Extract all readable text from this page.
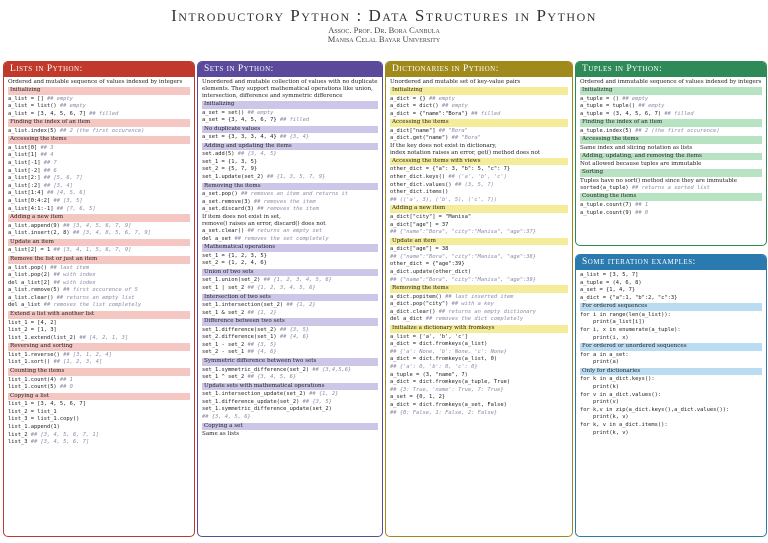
Introductory Python : Data Structures in Python
Assoc. Prof. Dr. Bora Canbula
Manisa Celal Bayar University
Lists in Python:

Ordered and mutable sequence of values indexed by integers

Initializing
a_list = [] ## empty
a_list = list() ## empty
a_list = [3, 4, 5, 6, 7] ## filled
Finding the index of an item
a_list.index(5) ## 2 (the first occurence)
Accessing the items
a_list[0] ## 3
a_list[1] ## 4
a_list[-1] ## 7
a_list[-2] ## 6
a_list[2:] ## [5, 6, 7]
a_list[:2] ## [3, 4]
a_list[1:4] ## [4, 5, 6]
a_list[0:4:2] ## [3, 5]
a_list[4:1:-1] ## [7, 6, 5]
Adding a new item
a_list.append(9) ## [3, 4, 5, 6, 7, 9]
a_list.insert(2, 8) ## [3, 4, 8, 5, 6, 7, 9]
Update an item
a_list[2] = 1 ## [3, 4, 1, 5, 6, 7, 9]
Remove the list or just an item
a_list.pop() ## last item
a_list.pop(2) ## with index
del a_list[2] ## with index
a_list.remove(5) ## first occurence of 5
a_list.clear() ## returns an empty list
del a_list ## removes the list completely
Extend a list with another list
list_1 = [4, 2]
list_2 = [1, 3]
list_1.extend(list_2) ## [4, 2, 1, 3]
Reversing and sorting
list_1.reverse() ## [3, 1, 2, 4]
list_1.sort() ## [1, 2, 3, 4]
Counting the items
list_1.count(4) ## 1
list_1.count(5) ## 0
Copying a list
list_1 = [3, 4, 5, 6, 7]
list_2 = list_1
list_3 = list_1.copy()
list_1.append(1)
list_2 ## [3, 4, 5, 6, 7, 1]
list_3 ## [3, 4, 5, 6, 7]
Sets in Python:

Unordered and mutable collection of values with no duplicate elements. They support mathematical operations like union, intersection, difference and symmetric difference

Initializing
a_set = set() ## empty
a_set = {3, 4, 5, 6, 7} ## filled
No duplicate values
a_set = {3, 3, 3, 4, 4} ## {3, 4}
Adding and updating the items
set.add(5) ## {3, 4, 5}
set_1 = {1, 3, 5}
set_2 = {5, 7, 9}
set_1.update(set_2) ## {1, 3, 5, 7, 9}
Removing the items
a_set.pop() ## removes an item and returns it
a_set.remove(3) ## removes the item
a_set.discard(3) ## removes the item

If item does not exist in set,

remove() raises an error, discard() does not

a_set.clear() ## returns an empty set
del a_set ## removes the set completely
Mathematical operations
set_1 = {1, 2, 3, 5}
set_2 = {1, 2, 4, 6}
Union of two sets
set_1.union(set_2) ## {1, 2, 3, 4, 5, 6}
set_1 | set_2 ## {1, 2, 3, 4, 5, 6}
Intersection of two sets
set_1.intersection(set_2) ## {1, 2}
set_1 & set_2 ## {1, 2}
Difference between two sets
set_1.difference(set_2) ## {3, 5}
set_2.difference(set_1) ## {4, 6}
set_1 - set_2 ## {3, 5}
set_2 - set_1 ## {4, 6}
Symmetric difference between two sets
set_1.symmetric_difference(set_2) ## {3,4,5,6}
set_1 ^ set_2 ## {3, 4, 5, 6}
Update sets with mathematical operations
set_1.intersection_update(set_2) ## {1, 2}
set_1.difference_update(set_2) ## {3, 5}
set_1.symmetric_difference_update(set_2)
## {3, 4, 5, 6}
Copying a set

Same as lists

Dictionaries in Python:

Unordered and mutable set of key-value pairs

Initializing
a_dict = {} ## empty
a_dict = dict() ## empty
a_dict = {"name":"Bora"} ## filled
Accessing the items
a_dict["name"] ## "Bora"
a_dict.get("name") ## "Bora"

If the key does not exist in dictionary,

index notation raises an error, get() method does not

Accessing the items with views
other_dict = {"a": 3, "b": 5, "c": 7}
other_dict.keys() ## ('a', 'b', 'c')
other_dict.values() ## (3, 5, 7)
other_dict.items()
## (('a', 3), ('b', 5), ('c', 7))
Adding a new item
a_dict["city"] = "Manisa"
a_dict["age"] = 37
## {"name":"Bora", "city":"Manisa", "age":37}
Update an item
a_dict["age"] = 38
## {"name":"Bora", "city":"Manisa", "age":38}
other_dict = {"age":39}
a_dict.update(other_dict)
## {"name":"Bora", "city":"Manisa", "age":39}
Removing the items
a_dict.popitem() ## last inserted item
a_dict.pop("city") ## with a key
a_dict.clear() ## returns an empty dictionary
del a_dict ## removes the dict completely
Initialize a dictionary with fromkeys
a_list = ['a', 'b', 'c']
a_dict = dict.fromkeys(a_list)
## {'a': None, 'b': None, 'c': None}
a_dict = dict.fromkeys(a_list, 0)
## {'a': 0, 'b': 0, 'c': 0}
a_tuple = (3, "name", 7)
a_dict = dict.fromkeys(a_tuple, True)
## {3: True, 'name': True, 7: True}
a_set = {0, 1, 2}
a_dict = dict.fromkeys(a_set, False)
## {0: False, 1: False, 2: False}
Tuples in Python:

Ordered and immutable sequence of values indexed by integers

Initializing
a_tuple = () ## empty
a_tuple = tuple() ## empty
a_tuple = (3, 4, 5, 6, 7) ## filled
Finding the index of an item
a_tuple.index(5) ## 2 (the first occurence)
Accessing the items

Same index and slicing notation as lists

Adding, updating, and removing the items

Not allowed because tuples are immutable

Sorting

Tuples have no sort() method since they are immutable

sorted(a_tuple) ## returns a sorted list
Counting the items
a_tuple.count(7) ## 1
a_tuple.count(9) ## 0
Some iteration examples:
a_list = [3, 5, 7]
a_tuple = (4, 6, 8)
a_set = {1, 4, 7}
a_dict = {"a":1, "b":2, "c":3}
For ordered sequences
for i in range(len(a_list)):
print(a_list[i])
for i, x in enumerate(a_tuple):
print(i, x)
For ordered or unordered sequences
for a in a_set:
print(a)
Only for dictionaries
for k in a_dict.keys():
print(k)
for v in a_dict.values():
print(v)
for k,v in zip(a_dict.keys(),a_dict.values()):
print(k, v)
for k, v in a_dict.items():
print(k, v)
